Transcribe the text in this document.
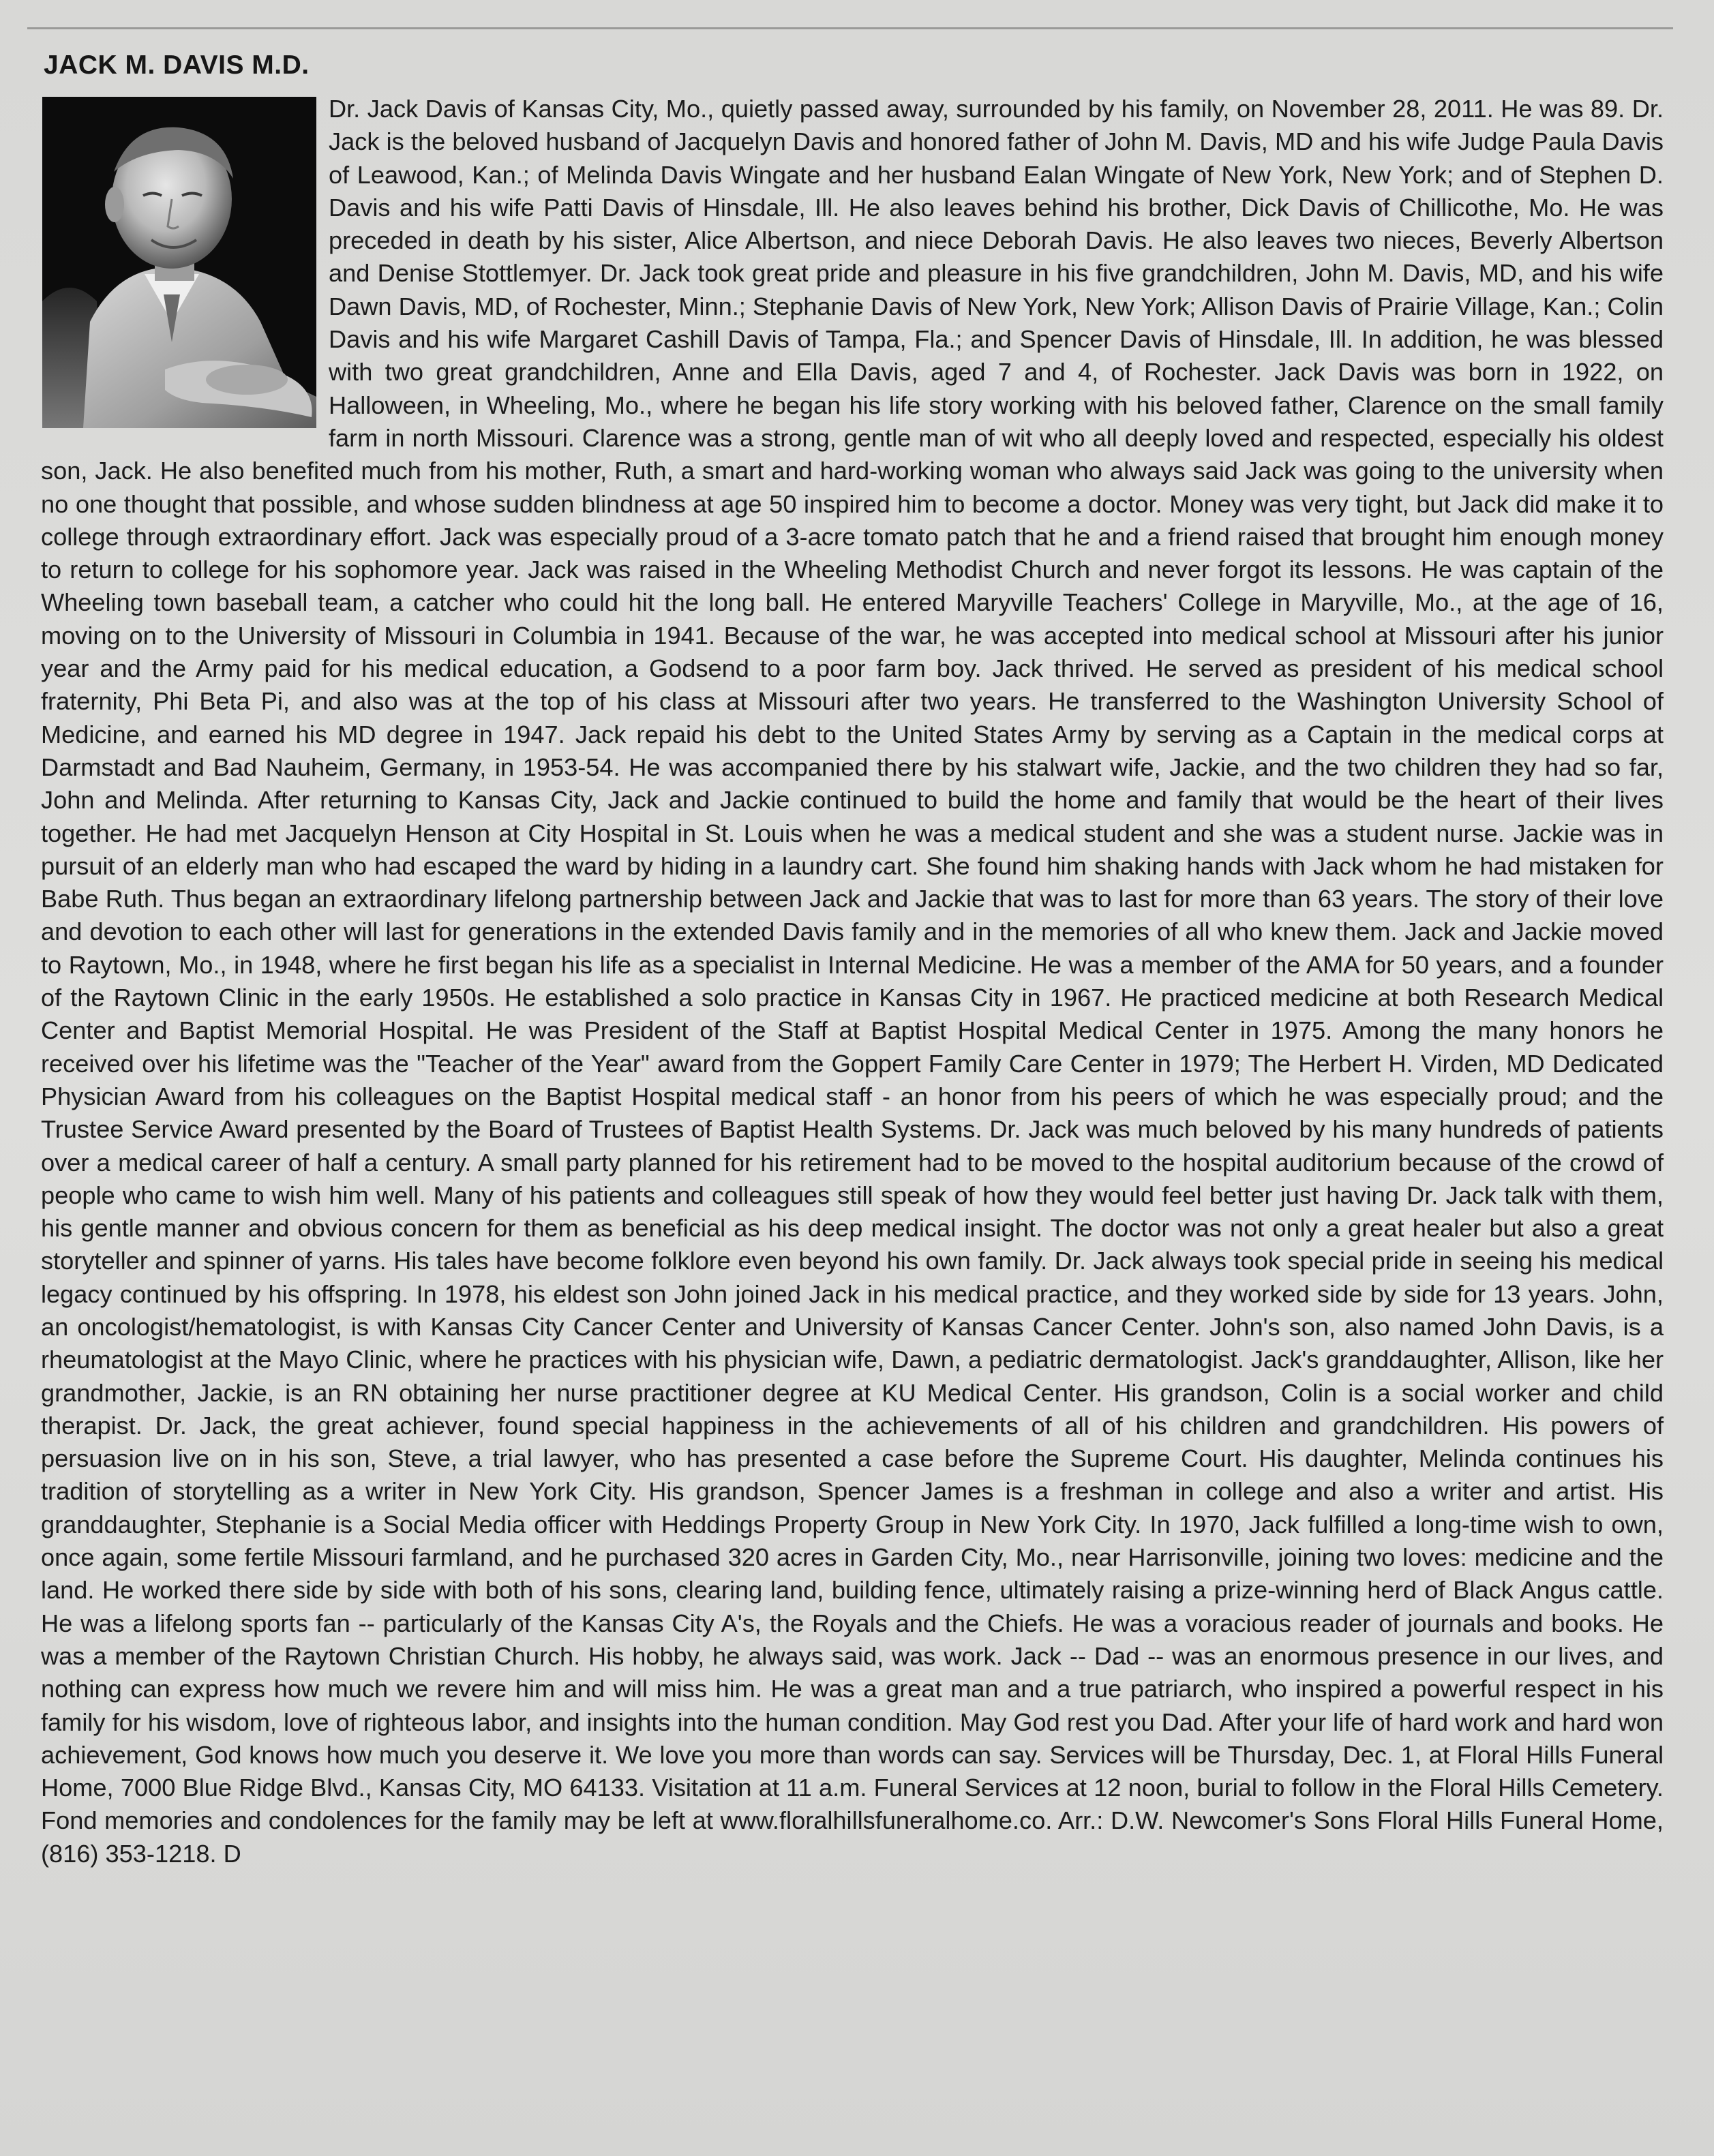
JACK M. DAVIS M.D.

Dr. Jack Davis of Kansas City, Mo., quietly passed away, surrounded by his family, on November 28, 2011. He was 89. Dr. Jack is the beloved husband of Jacquelyn Davis and honored father of John M. Davis, MD and his wife Judge Paula Davis of Leawood, Kan.; of Melinda Davis Wingate and her husband Ealan Wingate of New York, New York; and of Stephen D. Davis and his wife Patti Davis of Hinsdale, Ill. He also leaves behind his brother, Dick Davis of Chillicothe, Mo. He was preceded in death by his sister, Alice Albertson, and niece Deborah Davis. He also leaves two nieces, Beverly Albertson and Denise Stottlemyer. Dr. Jack took great pride and pleasure in his five grandchildren, John M. Davis, MD, and his wife Dawn Davis, MD, of Rochester, Minn.; Stephanie Davis of New York, New York; Allison Davis of Prairie Village, Kan.; Colin Davis and his wife Margaret Cashill Davis of Tampa, Fla.; and Spencer Davis of Hinsdale, Ill. In addition, he was blessed with two great grandchildren, Anne and Ella Davis, aged 7 and 4, of Rochester. Jack Davis was born in 1922, on Halloween, in Wheeling, Mo., where he began his life story working with his beloved father, Clarence on the small family farm in north Missouri. Clarence was a strong, gentle man of wit who all deeply loved and respected, especially his oldest son, Jack. He also benefited much from his mother, Ruth, a smart and hard-working woman who always said Jack was going to the university when no one thought that possible, and whose sudden blindness at age 50 inspired him to become a doctor. Money was very tight, but Jack did make it to college through extraordinary effort. Jack was especially proud of a 3-acre tomato patch that he and a friend raised that brought him enough money to return to college for his sophomore year. Jack was raised in the Wheeling Methodist Church and never forgot its lessons. He was captain of the Wheeling town baseball team, a catcher who could hit the long ball. He entered Maryville Teachers' College in Maryville, Mo., at the age of 16, moving on to the University of Missouri in Columbia in 1941. Because of the war, he was accepted into medical school at Missouri after his junior year and the Army paid for his medical education, a Godsend to a poor farm boy. Jack thrived. He served as president of his medical school fraternity, Phi Beta Pi, and also was at the top of his class at Missouri after two years. He transferred to the Washington University School of Medicine, and earned his MD degree in 1947. Jack repaid his debt to the United States Army by serving as a Captain in the medical corps at Darmstadt and Bad Nauheim, Germany, in 1953-54. He was accompanied there by his stalwart wife, Jackie, and the two children they had so far, John and Melinda. After returning to Kansas City, Jack and Jackie continued to build the home and family that would be the heart of their lives together. He had met Jacquelyn Henson at City Hospital in St. Louis when he was a medical student and she was a student nurse. Jackie was in pursuit of an elderly man who had escaped the ward by hiding in a laundry cart. She found him shaking hands with Jack whom he had mistaken for Babe Ruth. Thus began an extraordinary lifelong partnership between Jack and Jackie that was to last for more than 63 years. The story of their love and devotion to each other will last for generations in the extended Davis family and in the memories of all who knew them. Jack and Jackie moved to Raytown, Mo., in 1948, where he first began his life as a specialist in Internal Medicine. He was a member of the AMA for 50 years, and a founder of the Raytown Clinic in the early 1950s. He established a solo practice in Kansas City in 1967. He practiced medicine at both Research Medical Center and Baptist Memorial Hospital. He was President of the Staff at Baptist Hospital Medical Center in 1975. Among the many honors he received over his lifetime was the "Teacher of the Year" award from the Goppert Family Care Center in 1979; The Herbert H. Virden, MD Dedicated Physician Award from his colleagues on the Baptist Hospital medical staff - an honor from his peers of which he was especially proud; and the Trustee Service Award presented by the Board of Trustees of Baptist Health Systems. Dr. Jack was much beloved by his many hundreds of patients over a medical career of half a century. A small party planned for his retirement had to be moved to the hospital auditorium because of the crowd of people who came to wish him well. Many of his patients and colleagues still speak of how they would feel better just having Dr. Jack talk with them, his gentle manner and obvious concern for them as beneficial as his deep medical insight. The doctor was not only a great healer but also a great storyteller and spinner of yarns. His tales have become folklore even beyond his own family. Dr. Jack always took special pride in seeing his medical legacy continued by his offspring. In 1978, his eldest son John joined Jack in his medical practice, and they worked side by side for 13 years. John, an oncologist/hematologist, is with Kansas City Cancer Center and University of Kansas Cancer Center. John's son, also named John Davis, is a rheumatologist at the Mayo Clinic, where he practices with his physician wife, Dawn, a pediatric dermatologist. Jack's granddaughter, Allison, like her grandmother, Jackie, is an RN obtaining her nurse practitioner degree at KU Medical Center. His grandson, Colin is a social worker and child therapist. Dr. Jack, the great achiever, found special happiness in the achievements of all of his children and grandchildren. His powers of persuasion live on in his son, Steve, a trial lawyer, who has presented a case before the Supreme Court. His daughter, Melinda continues his tradition of storytelling as a writer in New York City. His grandson, Spencer James is a freshman in college and also a writer and artist. His granddaughter, Stephanie is a Social Media officer with Heddings Property Group in New York City. In 1970, Jack fulfilled a long-time wish to own, once again, some fertile Missouri farmland, and he purchased 320 acres in Garden City, Mo., near Harrisonville, joining two loves: medicine and the land. He worked there side by side with both of his sons, clearing land, building fence, ultimately raising a prize-winning herd of Black Angus cattle. He was a lifelong sports fan -- particularly of the Kansas City A's, the Royals and the Chiefs. He was a voracious reader of journals and books. He was a member of the Raytown Christian Church. His hobby, he always said, was work. Jack -- Dad -- was an enormous presence in our lives, and nothing can express how much we revere him and will miss him. He was a great man and a true patriarch, who inspired a powerful respect in his family for his wisdom, love of righteous labor, and insights into the human condition. May God rest you Dad. After your life of hard work and hard won achievement, God knows how much you deserve it. We love you more than words can say. Services will be Thursday, Dec. 1, at Floral Hills Funeral Home, 7000 Blue Ridge Blvd., Kansas City, MO 64133. Visitation at 11 a.m. Funeral Services at 12 noon, burial to follow in the Floral Hills Cemetery. Fond memories and condolences for the family may be left at www.floralhillsfuneralhome.co. Arr.: D.W. Newcomer's Sons Floral Hills Funeral Home, (816) 353-1218. D
